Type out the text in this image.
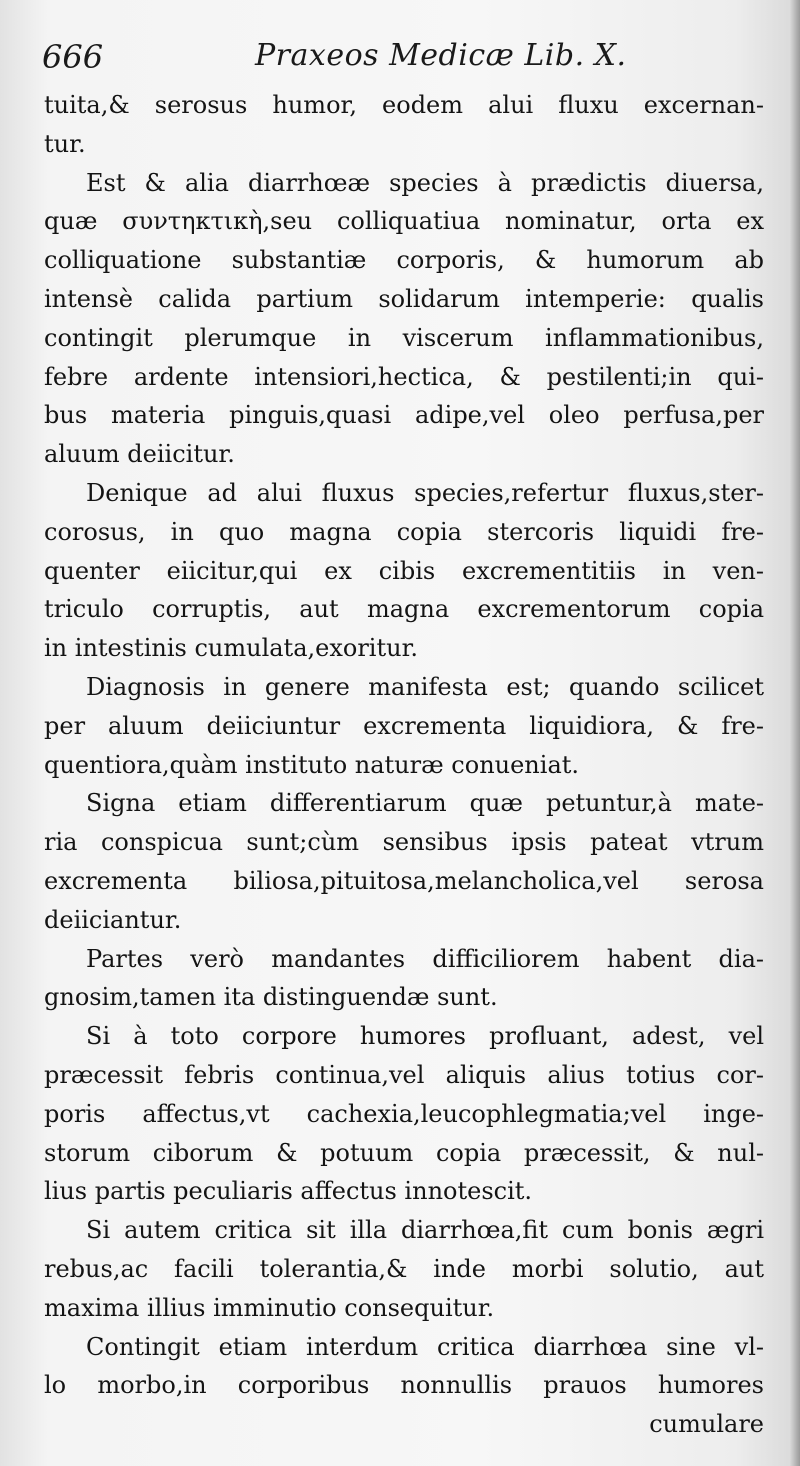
666	Praxeos Medicæ Lib. X.
tuita,& serosus humor, eodem alui fluxu excernan-
tur.
Est & alia diarrhœæ species à prædictis diuersa,
quæ συντηκτικὴ,seu colliquatiua nominatur, orta ex
colliquatione substantiæ corporis, & humorum ab
intensè calida partium solidarum intemperie: qualis
contingit plerumque in viscerum inflammationibus,
febre ardente intensiori,hectica, & pestilenti;in qui-
bus materia pinguis,quasi adipe,vel oleo perfusa,per
aluum deiicitur.
Denique ad alui fluxus species,refertur fluxus,ster-
corosus, in quo magna copia stercoris liquidi fre-
quenter eiicitur,qui ex cibis excrementitiis in ven-
triculo corruptis, aut magna excrementorum copia
in intestinis cumulata,exoritur.
Diagnosis in genere manifesta est; quando scilicet
per aluum deiiciuntur excrementa liquidiora, & fre-
quentiora,quàm instituto naturæ conueniat.
Signa etiam differentiarum quæ petuntur,à mate-
ria conspicua sunt;cùm sensibus ipsis pateat vtrum
excrementa biliosa,pituitosa,melancholica,vel serosa
deiiciantur.
Partes verò mandantes difficiliorem habent dia-
gnosim,tamen ita distinguendæ sunt.
Si à toto corpore humores profluant, adest, vel
præcessit febris continua,vel aliquis alius totius cor-
poris affectus,vt cachexia,leucophlegmatia;vel inge-
storum ciborum & potuum copia præcessit, & nul-
lius partis peculiaris affectus innotescit.
Si autem critica sit illa diarrhœa,fit cum bonis ægri
rebus,ac facili tolerantia,& inde morbi solutio, aut
maxima illius imminutio consequitur.
Contingit etiam interdum critica diarrhœa sine vl-
lo morbo,in corporibus nonnullis prauos humores
cumulare
